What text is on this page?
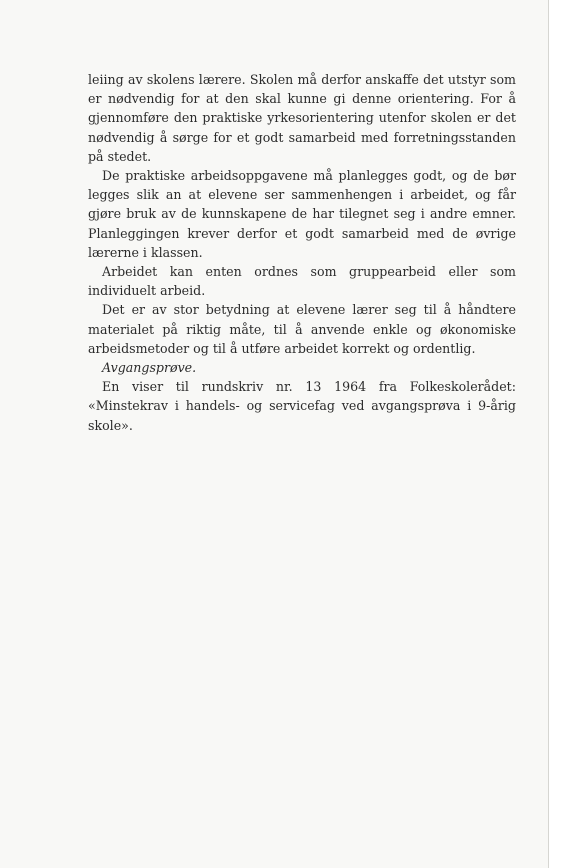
leiing av skolens lærere. Skolen må derfor anskaffe det utstyr som er nødvendig for at den skal kunne gi denne orientering. For å gjennomføre den praktiske yrkesorientering utenfor skolen er det nødvendig å sørge for et godt samarbeid med forretningsstanden på stedet.

De praktiske arbeidsoppgavene må planlegges godt, og de bør legges slik an at elevene ser sammenhengen i arbeidet, og får gjøre bruk av de kunnskapene de har tilegnet seg i andre emner. Planleggingen krever derfor et godt samarbeid med de øvrige lærerne i klassen.

Arbeidet kan enten ordnes som gruppearbeid eller som individuelt arbeid.

Det er av stor betydning at elevene lærer seg til å håndtere materialet på riktig måte, til å anvende enkle og økonomiske arbeidsmetoder og til å utføre arbeidet korrekt og ordentlig.

Avgangsprøve.

En viser til rundskriv nr. 13 1964 fra Folkeskolerådet: «Minstekrav i handels- og servicefag ved avgangsprøva i 9-årig skole».
